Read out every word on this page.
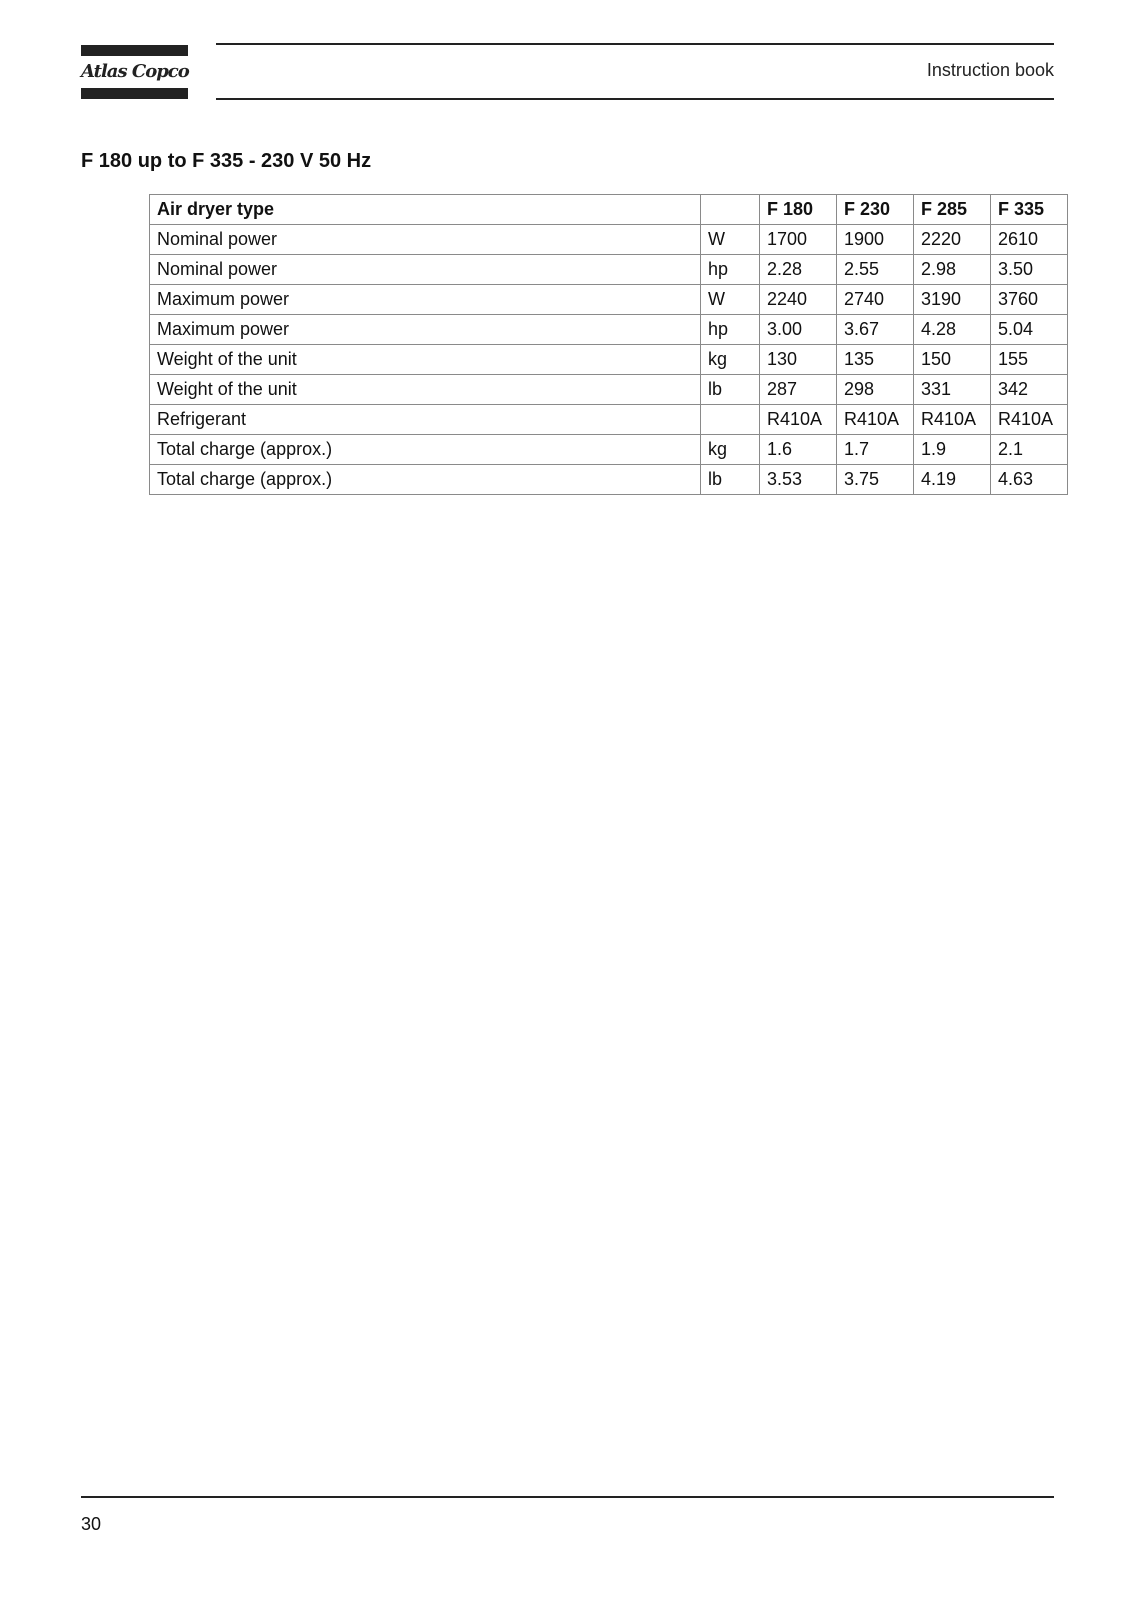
Atlas Copco	Instruction book
F 180 up to F 335 - 230 V 50 Hz
Air dryer type		F 180	F 230	F 285	F 335
Nominal power	W	1700	1900	2220	2610
Nominal power	hp	2.28	2.55	2.98	3.50
Maximum power	W	2240	2740	3190	3760
Maximum power	hp	3.00	3.67	4.28	5.04
Weight of the unit	kg	130	135	150	155
Weight of the unit	lb	287	298	331	342
Refrigerant		R410A	R410A	R410A	R410A
Total charge (approx.)	kg	1.6	1.7	1.9	2.1
Total charge (approx.)	lb	3.53	3.75	4.19	4.63
30
